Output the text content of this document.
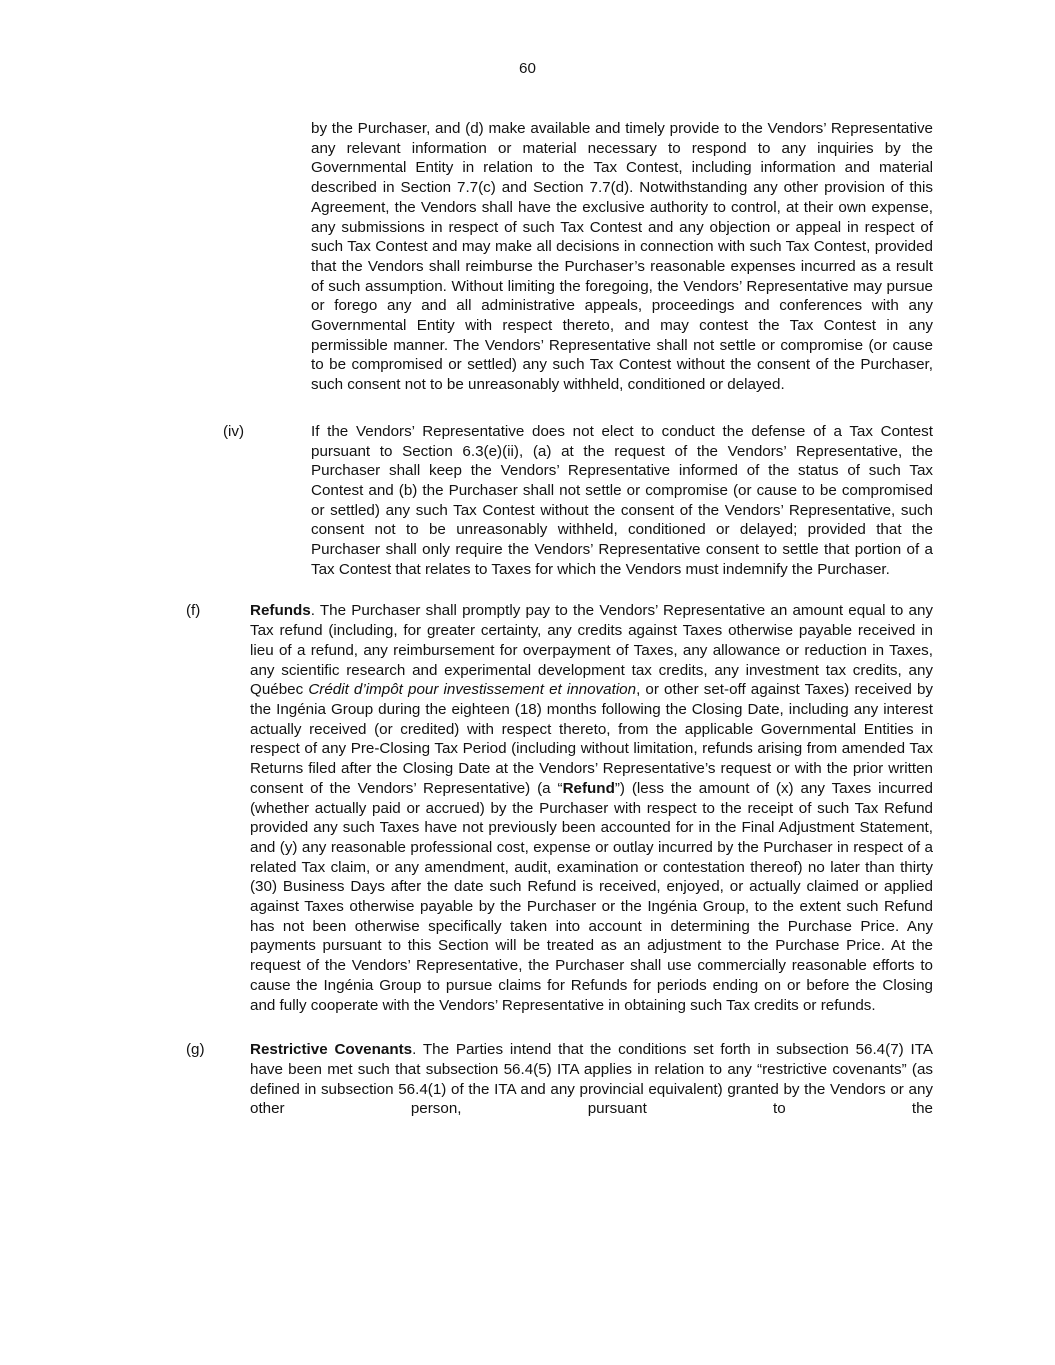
60
by the Purchaser, and (d) make available and timely provide to the Vendors’ Representative any relevant information or material necessary to respond to any inquiries by the Governmental Entity in relation to the Tax Contest, including information and material described in Section 7.7(c) and Section 7.7(d). Notwithstanding any other provision of this Agreement, the Vendors shall have the exclusive authority to control, at their own expense, any submissions in respect of such Tax Contest and any objection or appeal in respect of such Tax Contest and may make all decisions in connection with such Tax Contest, provided that the Vendors shall reimburse the Purchaser’s reasonable expenses incurred as a result of such assumption. Without limiting the foregoing, the Vendors’ Representative may pursue or forego any and all administrative appeals, proceedings and conferences with any Governmental Entity with respect thereto, and may contest the Tax Contest in any permissible manner. The Vendors’ Representative shall not settle or compromise (or cause to be compromised or settled) any such Tax Contest without the consent of the Purchaser, such consent not to be unreasonably withheld, conditioned or delayed.
(iv)	If the Vendors’ Representative does not elect to conduct the defense of a Tax Contest pursuant to Section 6.3(e)(ii), (a) at the request of the Vendors’ Representative, the Purchaser shall keep the Vendors’ Representative informed of the status of such Tax Contest and (b) the Purchaser shall not settle or compromise (or cause to be compromised or settled) any such Tax Contest without the consent of the Vendors’ Representative, such consent not to be unreasonably withheld, conditioned or delayed; provided that the Purchaser shall only require the Vendors’ Representative consent to settle that portion of a Tax Contest that relates to Taxes for which the Vendors must indemnify the Purchaser.
(f)	Refunds. The Purchaser shall promptly pay to the Vendors’ Representative an amount equal to any Tax refund (including, for greater certainty, any credits against Taxes otherwise payable received in lieu of a refund, any reimbursement for overpayment of Taxes, any allowance or reduction in Taxes, any scientific research and experimental development tax credits, any investment tax credits, any Québec Crédit d’impôt pour investissement et innovation, or other set-off against Taxes) received by the Ingénia Group during the eighteen (18) months following the Closing Date, including any interest actually received (or credited) with respect thereto, from the applicable Governmental Entities in respect of any Pre-Closing Tax Period (including without limitation, refunds arising from amended Tax Returns filed after the Closing Date at the Vendors’ Representative’s request or with the prior written consent of the Vendors’ Representative) (a “Refund”) (less the amount of (x) any Taxes incurred (whether actually paid or accrued) by the Purchaser with respect to the receipt of such Tax Refund provided any such Taxes have not previously been accounted for in the Final Adjustment Statement, and (y) any reasonable professional cost, expense or outlay incurred by the Purchaser in respect of a related Tax claim, or any amendment, audit, examination or contestation thereof) no later than thirty (30) Business Days after the date such Refund is received, enjoyed, or actually claimed or applied against Taxes otherwise payable by the Purchaser or the Ingénia Group, to the extent such Refund has not been otherwise specifically taken into account in determining the Purchase Price. Any payments pursuant to this Section will be treated as an adjustment to the Purchase Price. At the request of the Vendors’ Representative, the Purchaser shall use commercially reasonable efforts to cause the Ingénia Group to pursue claims for Refunds for periods ending on or before the Closing and fully cooperate with the Vendors’ Representative in obtaining such Tax credits or refunds.
(g)	Restrictive Covenants. The Parties intend that the conditions set forth in subsection 56.4(7) ITA have been met such that subsection 56.4(5) ITA applies in relation to any “restrictive covenants” (as defined in subsection 56.4(1) of the ITA and any provincial equivalent) granted by the Vendors or any other person, pursuant to the
